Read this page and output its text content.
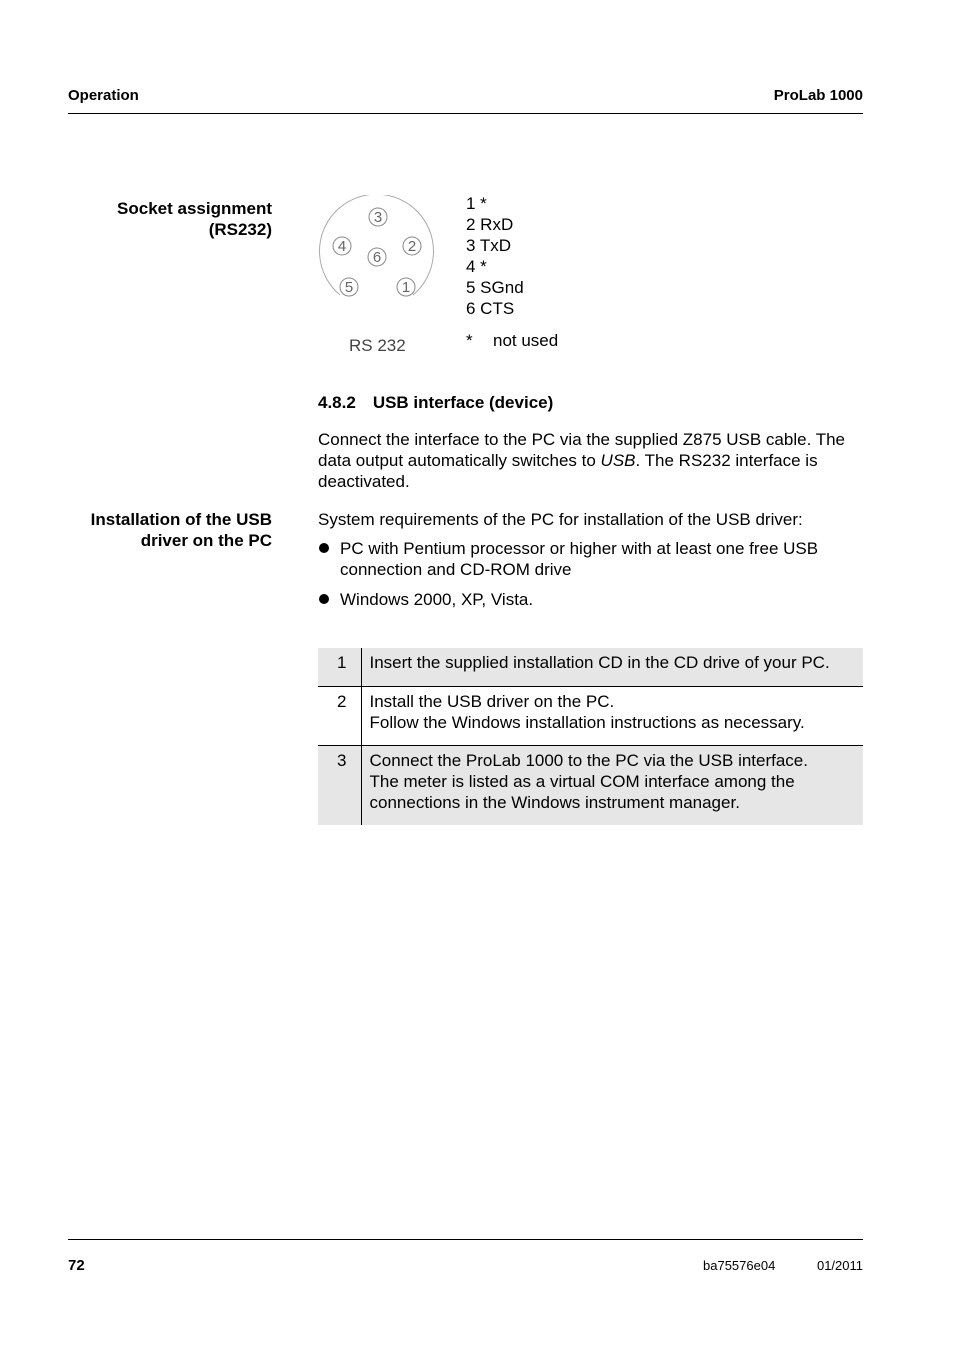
Operation	ProLab 1000
Socket assignment
(RS232)
3
4
6
2
5	1
RS 232
1 *
2 RxD
3 TxD
4 *
5 SGnd
6 CTS
* not used
4.8.2 USB interface (device)
Connect the interface to the PC via the supplied Z875 USB cable. The
data output automatically switches to USB. The RS232 interface is
deactivated.
Installation of the USB
driver on the PC
System requirements of the PC for installation of the USB driver:
PC with Pentium processor or higher with at least one free USB
connection and CD-ROM drive
Windows 2000, XP, Vista.
1	Insert the supplied installation CD in the CD drive of your PC.

2	Install the USB driver on the PC.
Follow the Windows installation instructions as necessary.

3	Connect the ProLab 1000 to the PC via the USB interface.
The meter is listed as a virtual COM interface among the
connections in the Windows instrument manager.
72	ba75576e04	01/2011
